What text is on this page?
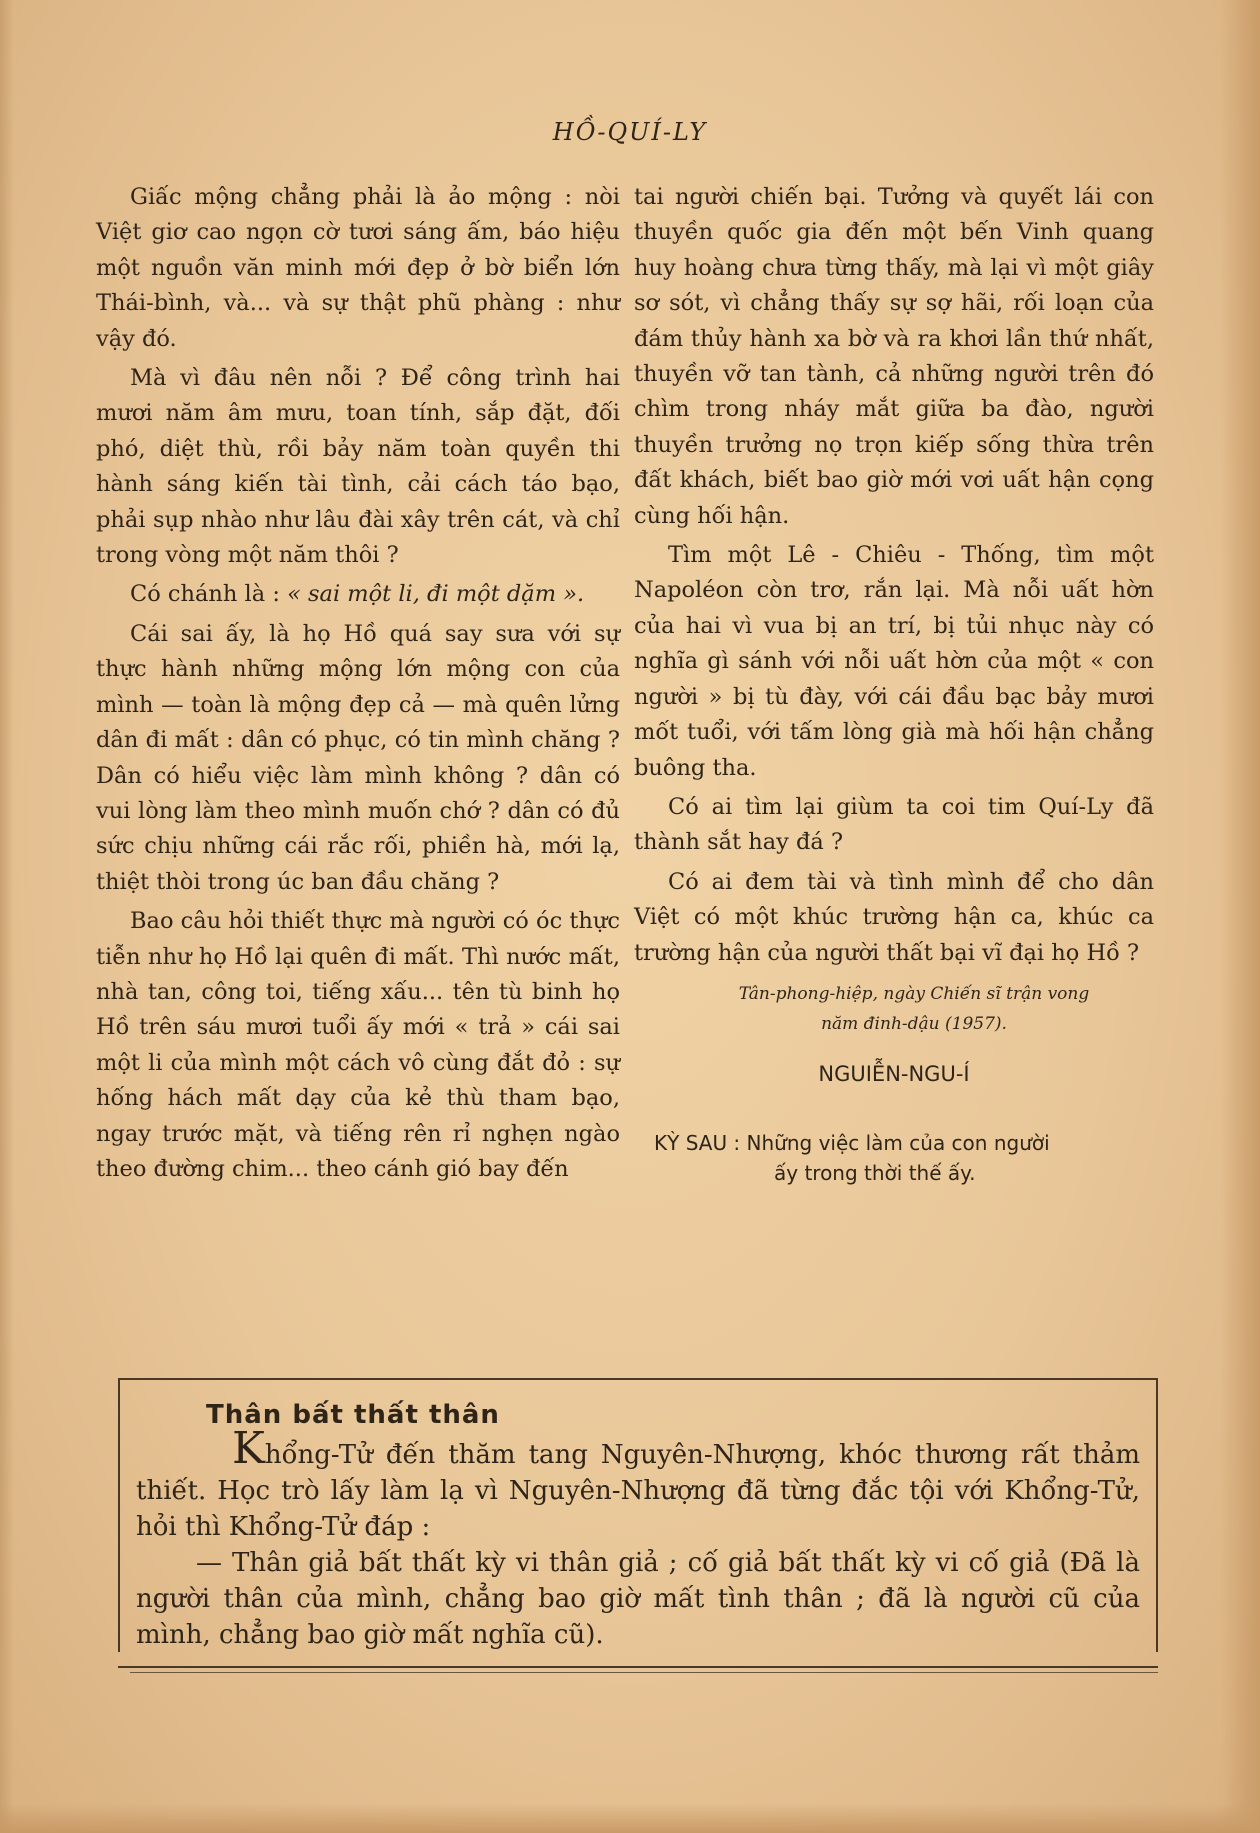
HỒ-QUÍ-LY

Giấc mộng chẳng phải là ảo mộng : nòi Việt giơ cao ngọn cờ tươi sáng ấm, báo hiệu một nguồn văn minh mới đẹp ở bờ biển lớn Thái-bình, và... và sự thật phũ phàng : như vậy đó.

Mà vì đâu nên nỗi ? Để công trình hai mươi năm âm mưu, toan tính, sắp đặt, đối phó, diệt thù, rồi bảy năm toàn quyền thi hành sáng kiến tài tình, cải cách táo bạo, phải sụp nhào như lâu đài xây trên cát, và chỉ trong vòng một năm thôi ?

Có chánh là : « sai một li, đi một dặm ».

Cái sai ấy, là họ Hồ quá say sưa với sự thực hành những mộng lớn mộng con của mình — toàn là mộng đẹp cả — mà quên lửng dân đi mất : dân có phục, có tin mình chăng ? Dân có hiểu việc làm mình không ? dân có vui lòng làm theo mình muốn chớ ? dân có đủ sức chịu những cái rắc rối, phiền hà, mới lạ, thiệt thòi trong úc ban đầu chăng ?

Bao câu hỏi thiết thực mà người có óc thực tiễn như họ Hồ lại quên đi mất. Thì nước mất, nhà tan, công toi, tiếng xấu... tên tù binh họ Hồ trên sáu mươi tuổi ấy mới « trả » cái sai một li của mình một cách vô cùng đắt đỏ : sự hống hách mất dạy của kẻ thù tham bạo, ngay trước mặt, và tiếng rên rỉ nghẹn ngào theo đường chim... theo cánh gió bay đến

tai người chiến bại. Tưởng và quyết lái con thuyền quốc gia đến một bến Vinh quang huy hoàng chưa từng thấy, mà lại vì một giây sơ sót, vì chẳng thấy sự sợ hãi, rối loạn của đám thủy hành xa bờ và ra khơi lần thứ nhất, thuyền vỡ tan tành, cả những người trên đó chìm trong nháy mắt giữa ba đào, người thuyền trưởng nọ trọn kiếp sống thừa trên đất khách, biết bao giờ mới vơi uất hận cọng cùng hối hận.

Tìm một Lê - Chiêu - Thống, tìm một Napoléon còn trơ, rắn lại. Mà nỗi uất hờn của hai vì vua bị an trí, bị tủi nhục này có nghĩa gì sánh với nỗi uất hờn của một « con người » bị tù đày, với cái đầu bạc bảy mươi mốt tuổi, với tấm lòng già mà hối hận chẳng buông tha.

Có ai tìm lại giùm ta coi tim Quí-Ly đã thành sắt hay đá ?

Có ai đem tài và tình mình để cho dân Việt có một khúc trường hận ca, khúc ca trường hận của người thất bại vĩ đại họ Hồ ?

Tân-phong-hiệp, ngày Chiến sĩ trận vong
năm đinh-dậu (1957).
NGUIỄN-NGU-Í
KỲ SAU : Những việc làm của con người
ấy trong thời thế ấy.
Thân bất thất thân

Khổng-Tử đến thăm tang Nguyên-Nhượng, khóc thương rất thảm thiết. Học trò lấy làm lạ vì Nguyên-Nhượng đã từng đắc tội với Khổng-Tử, hỏi thì Khổng-Tử đáp :

— Thân giả bất thất kỳ vi thân giả ; cố giả bất thất kỳ vi cố giả (Đã là người thân của mình, chẳng bao giờ mất tình thân ; đã là người cũ của mình, chẳng bao giờ mất nghĩa cũ).
